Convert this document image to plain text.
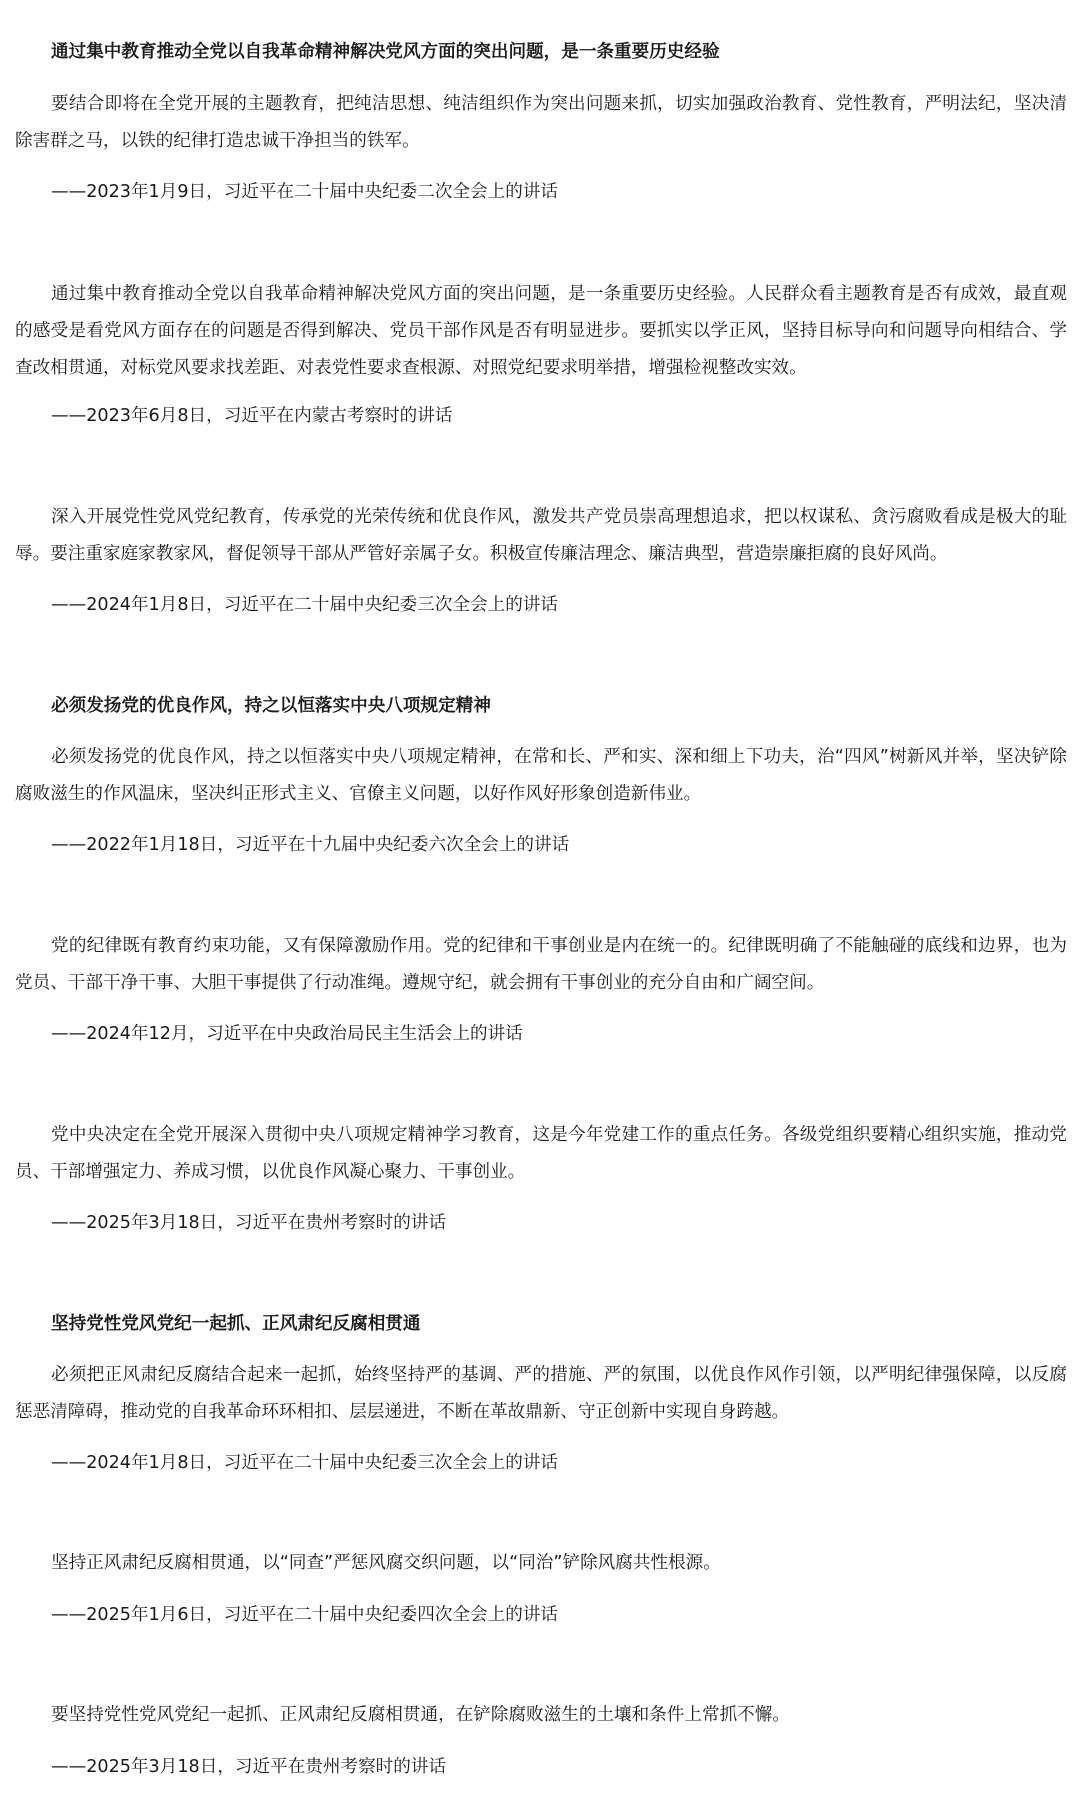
通过集中教育推动全党以自我革命精神解决党风方面的突出问题，是一条重要历史经验

要结合即将在全党开展的主题教育，把纯洁思想、纯洁组织作为突出问题来抓，切实加强政治教育、党性教育，严明法纪，坚决清除害群之马，以铁的纪律打造忠诚干净担当的铁军。

——2023年1月9日，习近平在二十届中央纪委二次全会上的讲话

通过集中教育推动全党以自我革命精神解决党风方面的突出问题，是一条重要历史经验。人民群众看主题教育是否有成效，最直观的感受是看党风方面存在的问题是否得到解决、党员干部作风是否有明显进步。要抓实以学正风，坚持目标导向和问题导向相结合、学查改相贯通，对标党风要求找差距、对表党性要求查根源、对照党纪要求明举措，增强检视整改实效。

——2023年6月8日，习近平在内蒙古考察时的讲话

深入开展党性党风党纪教育，传承党的光荣传统和优良作风，激发共产党员崇高理想追求，把以权谋私、贪污腐败看成是极大的耻辱。要注重家庭家教家风，督促领导干部从严管好亲属子女。积极宣传廉洁理念、廉洁典型，营造崇廉拒腐的良好风尚。

——2024年1月8日，习近平在二十届中央纪委三次全会上的讲话

必须发扬党的优良作风，持之以恒落实中央八项规定精神

必须发扬党的优良作风，持之以恒落实中央八项规定精神，在常和长、严和实、深和细上下功夫，治“四风”树新风并举，坚决铲除腐败滋生的作风温床，坚决纠正形式主义、官僚主义问题，以好作风好形象创造新伟业。

——2022年1月18日，习近平在十九届中央纪委六次全会上的讲话

党的纪律既有教育约束功能，又有保障激励作用。党的纪律和干事创业是内在统一的。纪律既明确了不能触碰的底线和边界，也为党员、干部干净干事、大胆干事提供了行动准绳。遵规守纪，就会拥有干事创业的充分自由和广阔空间。

——2024年12月，习近平在中央政治局民主生活会上的讲话

党中央决定在全党开展深入贯彻中央八项规定精神学习教育，这是今年党建工作的重点任务。各级党组织要精心组织实施，推动党员、干部增强定力、养成习惯，以优良作风凝心聚力、干事创业。

——2025年3月18日，习近平在贵州考察时的讲话

坚持党性党风党纪一起抓、正风肃纪反腐相贯通

必须把正风肃纪反腐结合起来一起抓，始终坚持严的基调、严的措施、严的氛围，以优良作风作引领，以严明纪律强保障，以反腐惩恶清障碍，推动党的自我革命环环相扣、层层递进，不断在革故鼎新、守正创新中实现自身跨越。

——2024年1月8日，习近平在二十届中央纪委三次全会上的讲话

坚持正风肃纪反腐相贯通，以“同查”严惩风腐交织问题，以“同治”铲除风腐共性根源。

——2025年1月6日，习近平在二十届中央纪委四次全会上的讲话

要坚持党性党风党纪一起抓、正风肃纪反腐相贯通，在铲除腐败滋生的土壤和条件上常抓不懈。

——2025年3月18日，习近平在贵州考察时的讲话
